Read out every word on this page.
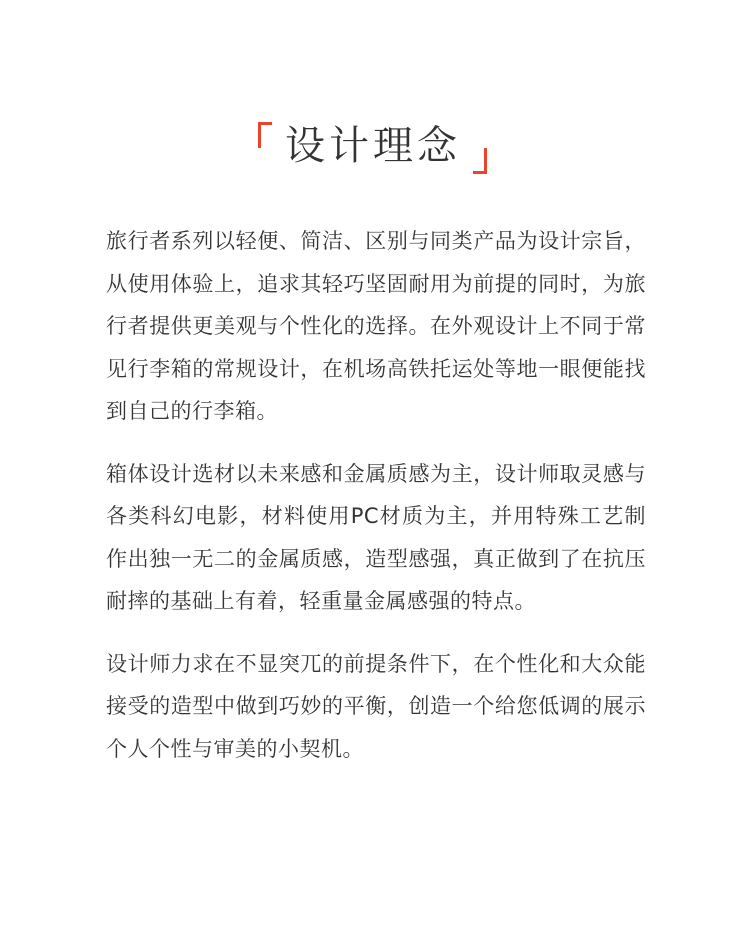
设计理念

旅行者系列以轻便、简洁、区别与同类产品为设计宗旨，从使用体验上，追求其轻巧坚固耐用为前提的同时，为旅行者提供更美观与个性化的选择。在外观设计上不同于常见行李箱的常规设计，在机场高铁托运处等地一眼便能找到自己的行李箱。

箱体设计选材以未来感和金属质感为主，设计师取灵感与各类科幻电影，材料使用PC材质为主，并用特殊工艺制作出独一无二的金属质感，造型感强，真正做到了在抗压耐摔的基础上有着，轻重量金属感强的特点。

设计师力求在不显突兀的前提条件下，在个性化和大众能接受的造型中做到巧妙的平衡，创造一个给您低调的展示个人个性与审美的小契机。
